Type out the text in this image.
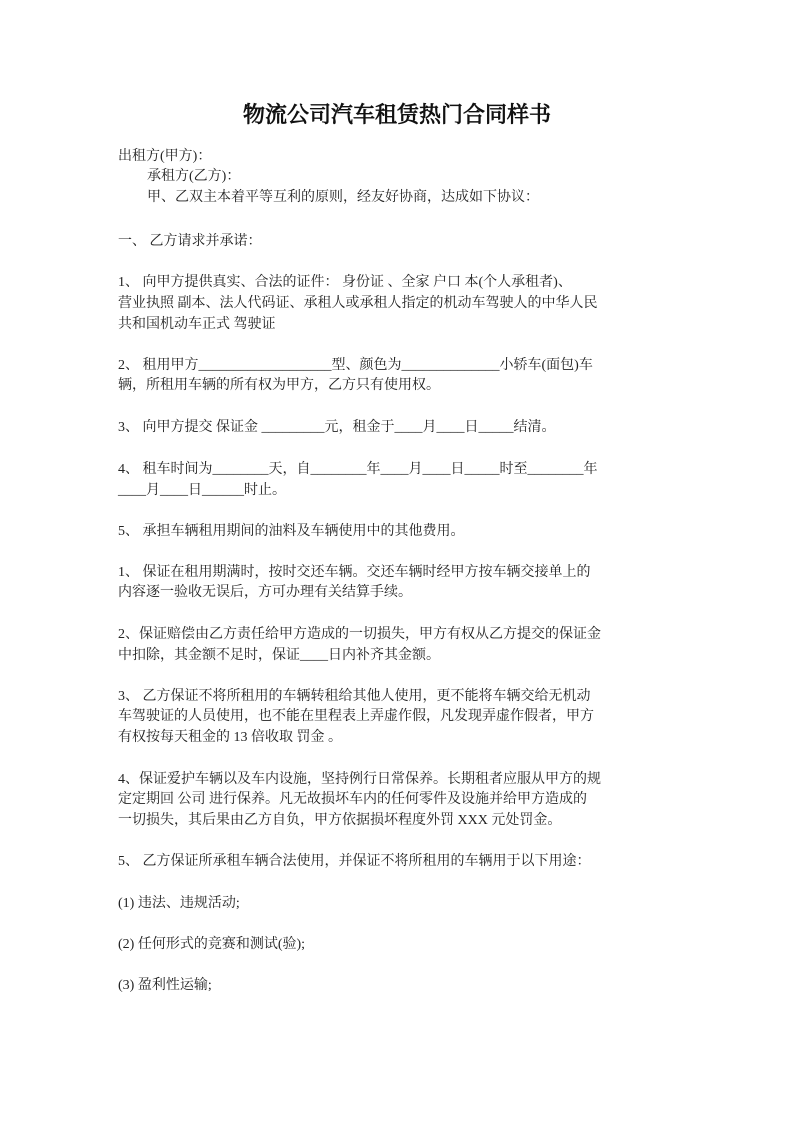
物流公司汽车租赁热门合同样书
出租方(甲方)：
承租方(乙方)：
甲、乙双主本着平等互利的原则，经友好协商，达成如下协议：
一、 乙方请求并承诺：
1、 向甲方提供真实、合法的证件： 身份证 、全家 户口 本(个人承租者)、
营业执照 副本、法人代码证、承租人或承租人指定的机动车驾驶人的中华人民
共和国机动车正式 驾驶证
2、 租用甲方___________________型、颜色为______________小轿车(面包)车
辆，所租用车辆的所有权为甲方，乙方只有使用权。
3、 向甲方提交 保证金 _________元，租金于____月____日_____结清。
4、 租车时间为________天，自________年____月____日_____时至________年
____月____日______时止。
5、 承担车辆租用期间的油料及车辆使用中的其他费用。
1、 保证在租用期满时，按时交还车辆。交还车辆时经甲方按车辆交接单上的
内容逐一验收无误后，方可办理有关结算手续。
2、保证赔偿由乙方责任给甲方造成的一切损失，甲方有权从乙方提交的保证金
中扣除，其金额不足时，保证____日内补齐其金额。
3、 乙方保证不将所租用的车辆转租给其他人使用，更不能将车辆交给无机动
车驾驶证的人员使用，也不能在里程表上弄虚作假，凡发现弄虚作假者，甲方
有权按每天租金的 13 倍收取 罚金 。
4、保证爱护车辆以及车内设施，坚持例行日常保养。长期租者应服从甲方的规
定定期回 公司 进行保养。凡无故损坏车内的任何零件及设施并给甲方造成的
一切损失，其后果由乙方自负，甲方依据损坏程度外罚 XXX 元处罚金。
5、 乙方保证所承租车辆合法使用，并保证不将所租用的车辆用于以下用途：
(1) 违法、违规活动;
(2) 任何形式的竞赛和测试(验);
(3) 盈利性运输;
